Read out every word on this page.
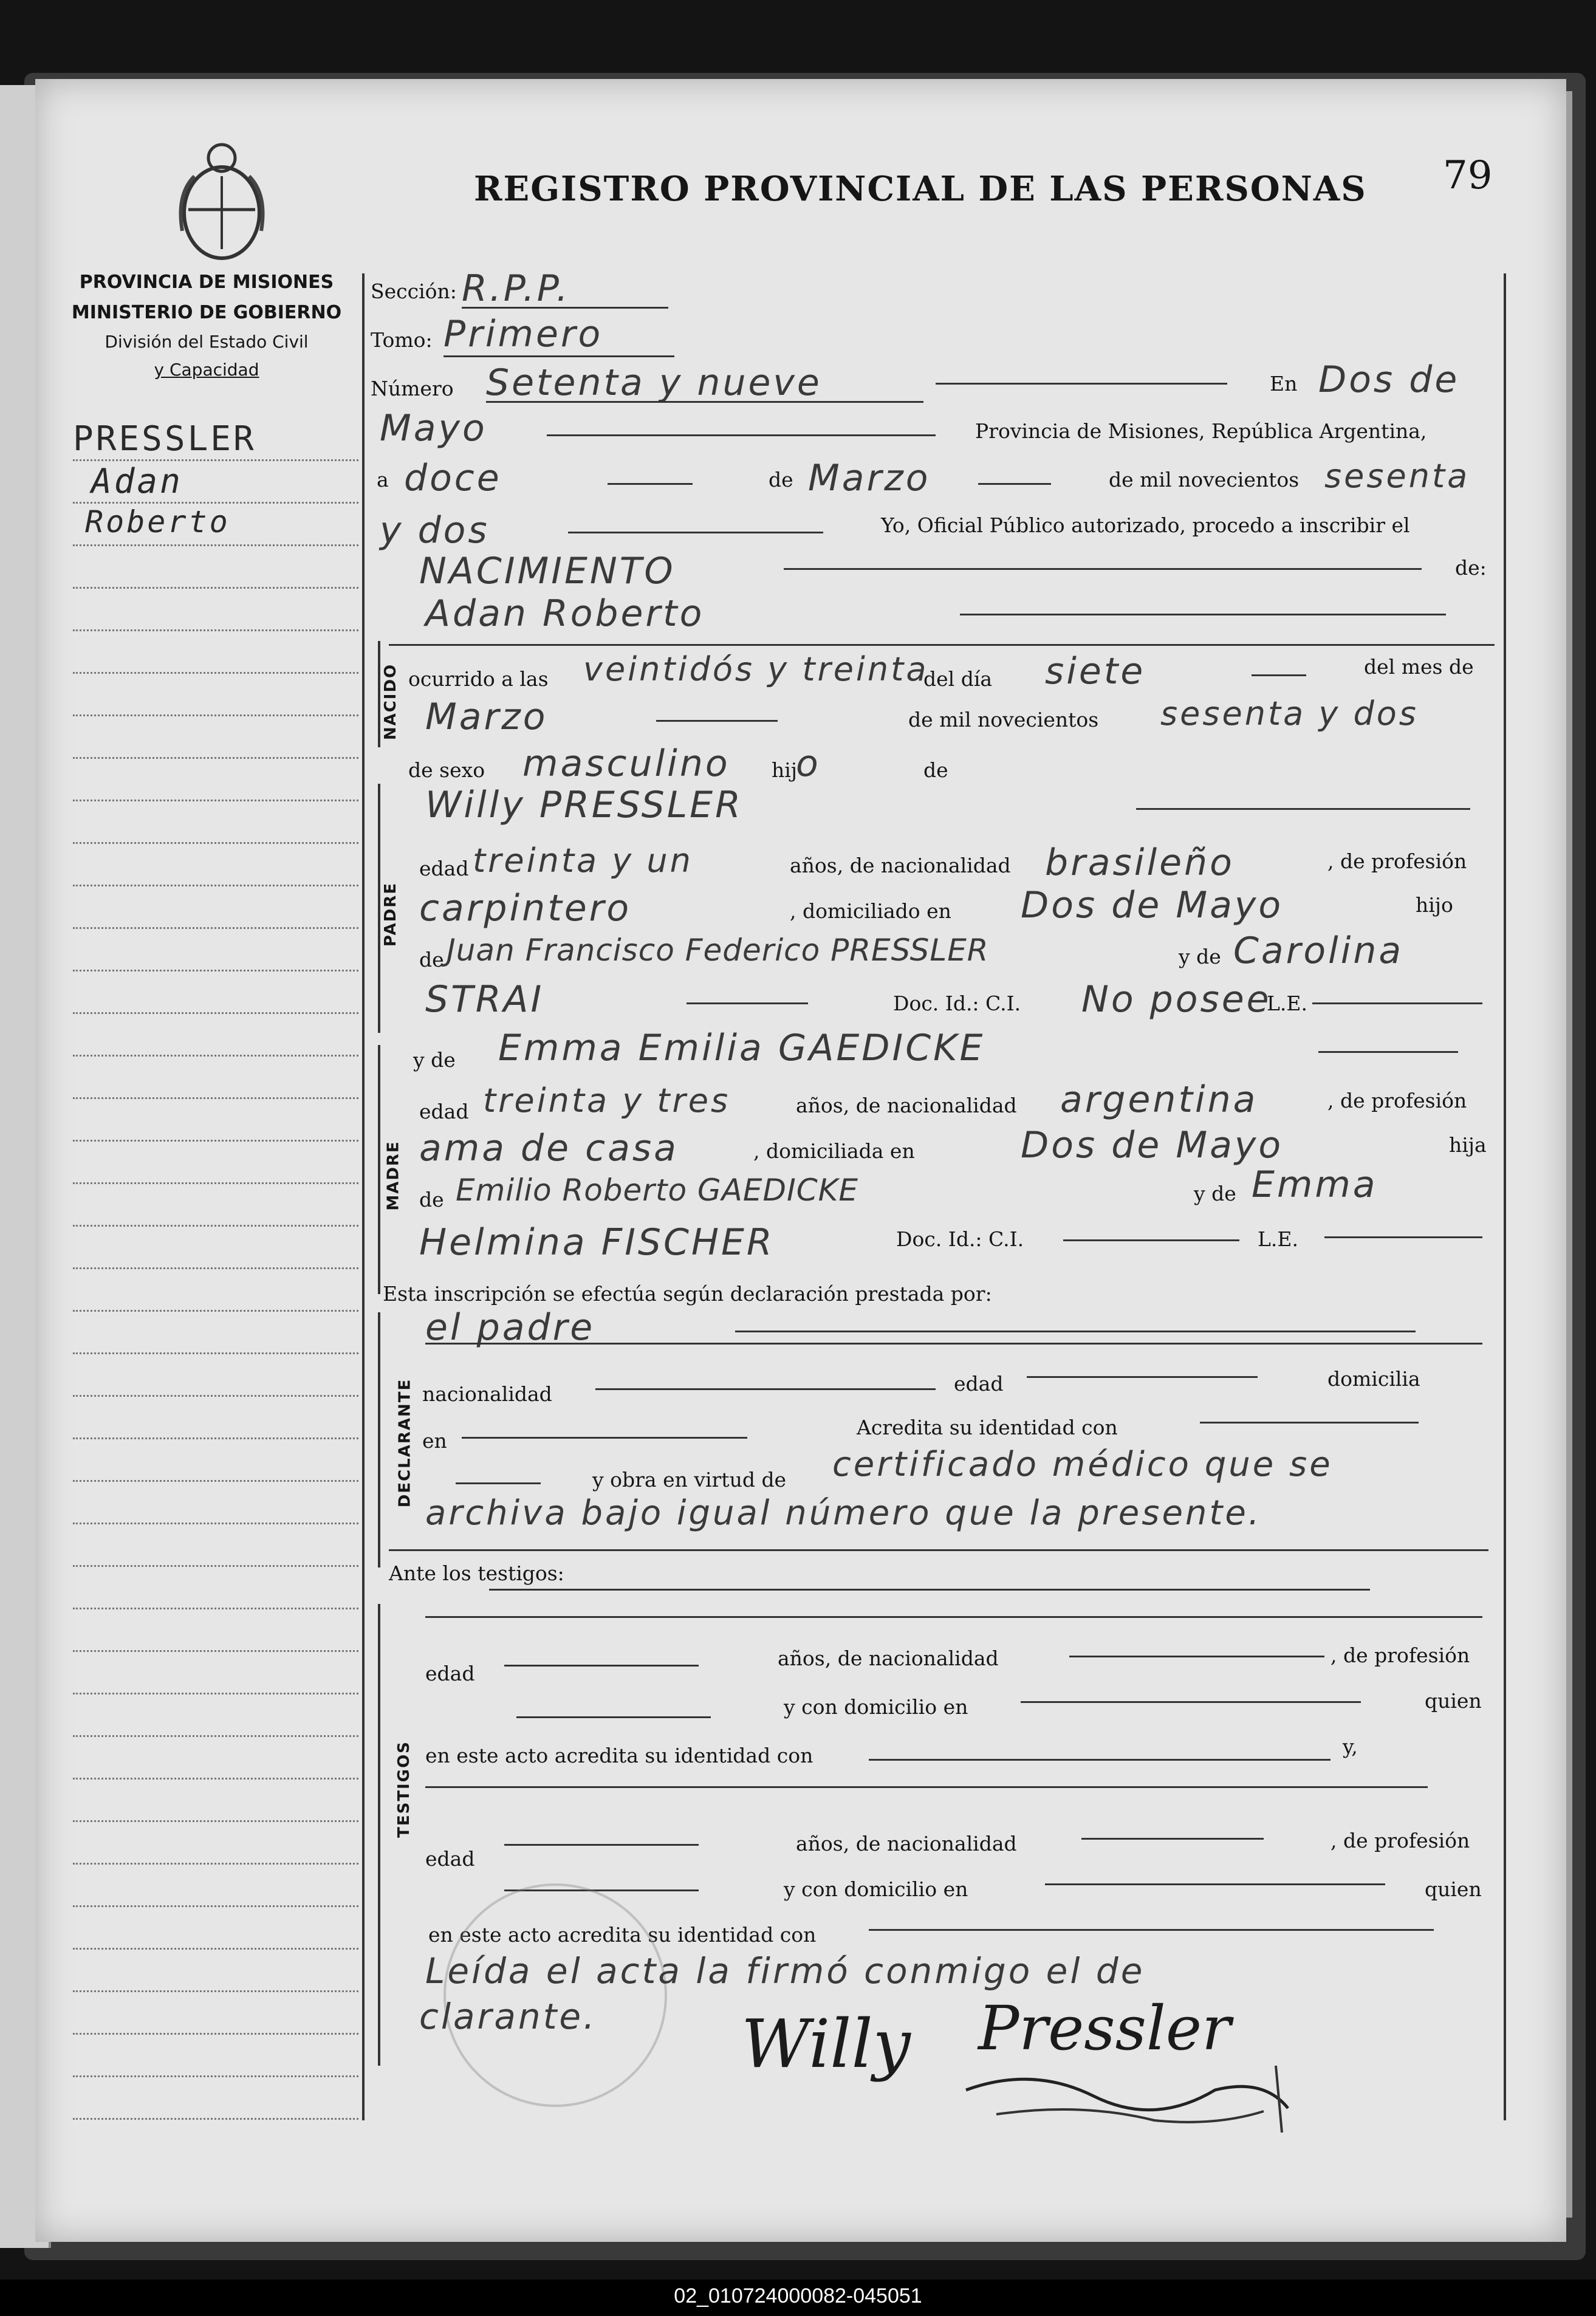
REGISTRO PROVINCIAL DE LAS PERSONAS 79
PROVINCIA DE MISIONES
MINISTERIO DE GOBIERNO
División del Estado Civil
y Capacidad
PRESSLER
Adan
Roberto
Sección: R.P.P.
Tomo: Primero
Número Setenta y nueve	En Dos de
Mayo	Provincia de Misiones, República Argentina,
a doce	de Marzo	de mil novecientos sesenta
y dos	Yo, Oficial Público autorizado, procedo a inscribir el
NACIMIENTO	de:
Adan Roberto
NACIDO ocurrido a las veintidós y treinta
del día siete	del mes de
Marzo	de mil novecientos sesenta y dos
de sexo masculino hij
o	de
PADRE
Willy PRESSLER
edad treinta y un	años, de nacionalidad brasileño	, de profesión
carpintero	, domiciliado en Dos de Mayo	hijo
de Juan Francisco Federico PRESSLER	y de Carolina
STRAI	Doc. Id.: C.I. No posee
L.E.
MADRE
y de Emma Emilia GAEDICKE
edad treinta y tres	años, de nacionalidad argentina	, de profesión
ama de casa	, domiciliada en	Dos de Mayo	hija
de Emilio Roberto GAEDICKE	y de Emma
Helmina FISCHER	Doc. Id.: C.I.	L.E.
Esta inscripción se efectúa según declaración prestada por:
DECLARANTE
el padre
nacionalidad	edad	domicilia
en
Acredita su identidad con
y obra en virtud de certificado médico que se
archiva bajo igual número que la presente.
Ante los testigos:
TESTIGOS
edad
años, de nacionalidad	, de profesión
y con domicilio en	quien
en este acto acredita su identidad con	y,
edad
años, de nacionalidad	, de profesión
y con domicilio en	quien
en este acto acredita su identidad con
Leída el acta la firmó conmigo el de
clarante. Willy Pressler
02_010724000082-045051
